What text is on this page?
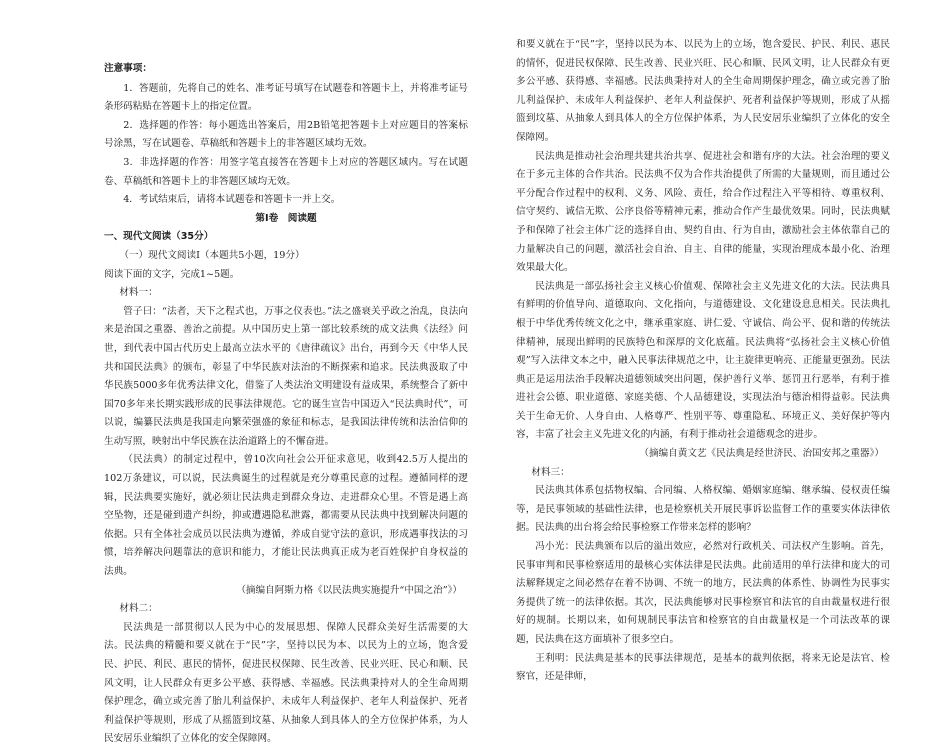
注意事项：

1．答题前，先将自己的姓名、准考证号填写在试题卷和答题卡上，并将准考证号条形码粘贴在答题卡上的指定位置。

2．选择题的作答：每小题选出答案后，用2B铅笔把答题卡上对应题目的答案标号涂黑，写在试题卷、草稿纸和答题卡上的非答题区域均无效。

3．非选择题的作答：用签字笔直接答在答题卡上对应的答题区域内。写在试题卷、草稿纸和答题卡上的非答题区域均无效。

4．考试结束后，请将本试题卷和答题卡一并上交。

第Ⅰ卷　阅读题

一、现代文阅读（35分）

（一）现代文阅读Ⅰ（本题共5小题，19分）

阅读下面的文字，完成1~5题。

材料一：

管子曰：“法者，天下之程式也，万事之仪表也。”法之盛衰关乎政之治乱，良法向来是治国之重器、善治之前提。从中国历史上第一部比较系统的成文法典《法经》问世，到代表中国古代历史上最高立法水平的《唐律疏议》出台，再到今天《中华人民共和国民法典》的颁布，彰显了中华民族对法治的不断探索和追求。民法典汲取了中华民族5000多年优秀法律文化，借鉴了人类法治文明建设有益成果，系统整合了新中国70多年来长期实践形成的民事法律规范。它的诞生宣告中国迈入“民法典时代”，可以说，编纂民法典是我国走向繁荣强盛的象征和标志，是我国法律传统和法治信仰的生动写照，映射出中华民族在法治道路上的不懈奋进。

（民法典）的制定过程中，曾10次向社会公开征求意见，收到42.5万人提出的102万条建议，可以说，民法典诞生的过程就是充分尊重民意的过程。遵循同样的逻辑，民法典要实施好，就必须让民法典走到群众身边、走进群众心里。不管是遇上高空坠物，还是碰到遗产纠纷，抑或遭遇隐私泄露，都需要从民法典中找到解决问题的依据。只有全体社会成员以民法典为遵循，养成自觉守法的意识，形成遇事找法的习惯，培养解决问题靠法的意识和能力，才能让民法典真正成为老百姓保护自身权益的法典。

（摘编自阿斯力格《以民法典实施提升“中国之治”》）

材料二：

民法典是一部贯彻以人民为中心的发展思想、保障人民群众美好生活需要的大法。民法典的精髓和要义就在于“民”字，坚持以民为本、以民为上的立场，饱含爱民、护民、利民、惠民的情怀，促进民权保障、民生改善、民业兴旺、民心和顺、民风文明，让人民群众有更多公平感、获得感、幸福感。民法典秉持对人的全生命周期保护理念，确立或完善了胎儿利益保护、未成年人利益保护、老年人利益保护、死者利益保护等规则，形成了从摇篮到坟墓、从抽象人到具体人的全方位保护体系，为人民安居乐业编织了立体化的安全保障网。

和要义就在于“民”字，坚持以民为本、以民为上的立场，饱含爱民、护民、利民、惠民的情怀，促进民权保障、民生改善、民业兴旺、民心和顺、民风文明，让人民群众有更多公平感、获得感、幸福感。民法典秉持对人的全生命周期保护理念，确立或完善了胎儿利益保护、未成年人利益保护、老年人利益保护、死者利益保护等规则，形成了从摇篮到坟墓、从抽象人到具体人的全方位保护体系，为人民安居乐业编织了立体化的安全保障网。

民法典是推动社会治理共建共治共享、促进社会和谐有序的大法。社会治理的要义在于多元主体的合作共治。民法典不仅为合作共治提供了所需的大量规则，而且通过公平分配合作过程中的权利、义务、风险、责任，给合作过程注入平等相待、尊重权利、信守契约、诚信无欺、公序良俗等精神元素，推动合作产生最优效果。同时，民法典赋予和保障了社会主体广泛的选择自由、契约自由、行为自由，激励社会主体依靠自己的力量解决自己的问题，激活社会自治、自主、自律的能量，实现治理成本最小化、治理效果最大化。

民法典是一部弘扬社会主义核心价值观、保障社会主义先进文化的大法。民法典具有鲜明的价值导向、道德取向、文化指向，与道德建设、文化建设息息相关。民法典扎根于中华优秀传统文化之中，继承重家庭、讲仁爱、守诚信、尚公平、促和谐的传统法律精神，展现出鲜明的民族特色和深厚的文化底蕴。民法典将“弘扬社会主义核心价值观”写入法律文本之中，融入民事法律规范之中，让主旋律更响亮、正能量更强劲。民法典正是运用法治手段解决道德领域突出问题，保护善行义举、惩罚丑行恶举，有利于推进社会公德、职业道德、家庭美德、个人品德建设，实现法治与德治相得益彰。民法典关于生命无价、人身自由、人格尊严、性别平等、尊重隐私、环境正义、美好保护等内容，丰富了社会主义先进文化的内涵，有利于推动社会道德观念的进步。

（摘编自黄文艺《民法典是经世济民、治国安邦之重器》）

材料三：

民法典其体系包括物权编、合同编、人格权编、婚姻家庭编、继承编、侵权责任编等，是民事领域的基础性法律，也是检察机关开展民事诉讼监督工作的重要实体法律依据。民法典的出台将会给民事检察工作带来怎样的影响？

冯小光：民法典颁布以后的溢出效应，必然对行政机关、司法权产生影响。首先，民事审判和民事检察适用的最核心实体法律是民法典。此前适用的单行法律和庞大的司法解释规定之间必然存在着不协调、不统一的地方，民法典的体系性、协调性为民事实务提供了统一的法律依据。其次，民法典能够对民事检察官和法官的自由裁量权进行很好的规制。长期以来，如何规制民事法官和检察官的自由裁量权是一个司法改革的课题，民法典在这方面填补了很多空白。

王利明：民法典是基本的民事法律规范，是基本的裁判依据，将来无论是法官、检察官，还是律师，
